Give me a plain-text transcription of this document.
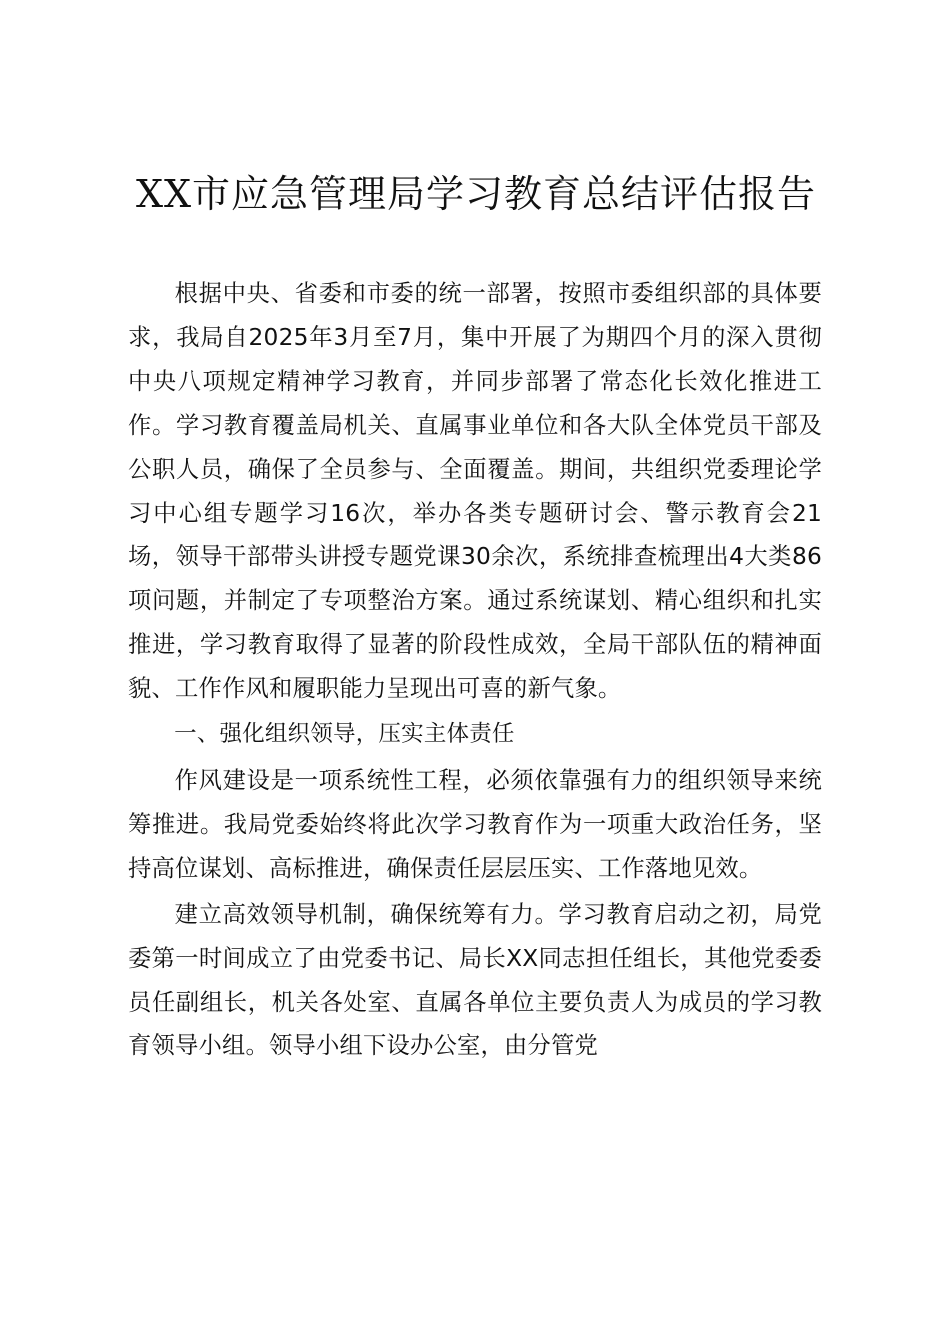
XX市应急管理局学习教育总结评估报告

根据中央、省委和市委的统一部署，按照市委组织部的具体要求，我局自2025年3月至7月，集中开展了为期四个月的深入贯彻中央八项规定精神学习教育，并同步部署了常态化长效化推进工作。学习教育覆盖局机关、直属事业单位和各大队全体党员干部及公职人员，确保了全员参与、全面覆盖。期间，共组织党委理论学习中心组专题学习16次，举办各类专题研讨会、警示教育会21场，领导干部带头讲授专题党课30余次，系统排查梳理出4大类86项问题，并制定了专项整治方案。通过系统谋划、精心组织和扎实推进，学习教育取得了显著的阶段性成效，全局干部队伍的精神面貌、工作作风和履职能力呈现出可喜的新气象。

一、强化组织领导，压实主体责任

作风建设是一项系统性工程，必须依靠强有力的组织领导来统筹推进。我局党委始终将此次学习教育作为一项重大政治任务，坚持高位谋划、高标推进，确保责任层层压实、工作落地见效。

建立高效领导机制，确保统筹有力。学习教育启动之初，局党委第一时间成立了由党委书记、局长XX同志担任组长，其他党委委员任副组长，机关各处室、直属各单位主要负责人为成员的学习教育领导小组。领导小组下设办公室，由分管党
